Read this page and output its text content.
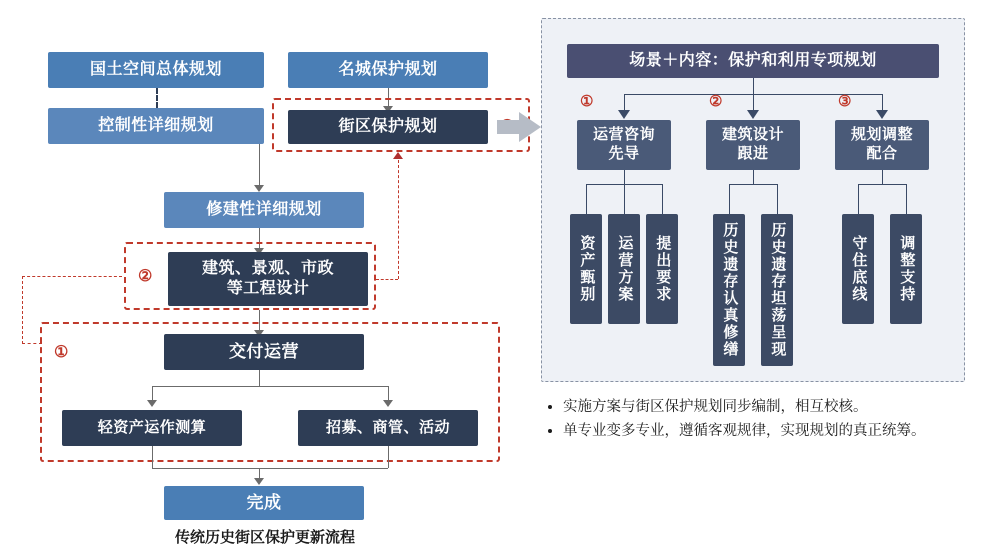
国土空间总体规划
控制性详细规划
名城保护规划
街区保护规划
修建性详细规划
②	建筑、景观、市政
等工程设计
①	交付运营
轻资产运作测算	招募、商管、活动
完成
传统历史街区保护更新流程
场景＋内容：保护和利用专项规划
①	②	③
运营咨询
先导
建筑设计
跟进
规划调整
配合
资产甄别	运营方案	提出要求	历史遗存认真修缮	历史遗存坦荡呈现	守住底线	调整支持
• 实施方案与街区保护规划同步编制，相互校核。
• 单专业变多专业，遵循客观规律，实现规划的真正统筹。
